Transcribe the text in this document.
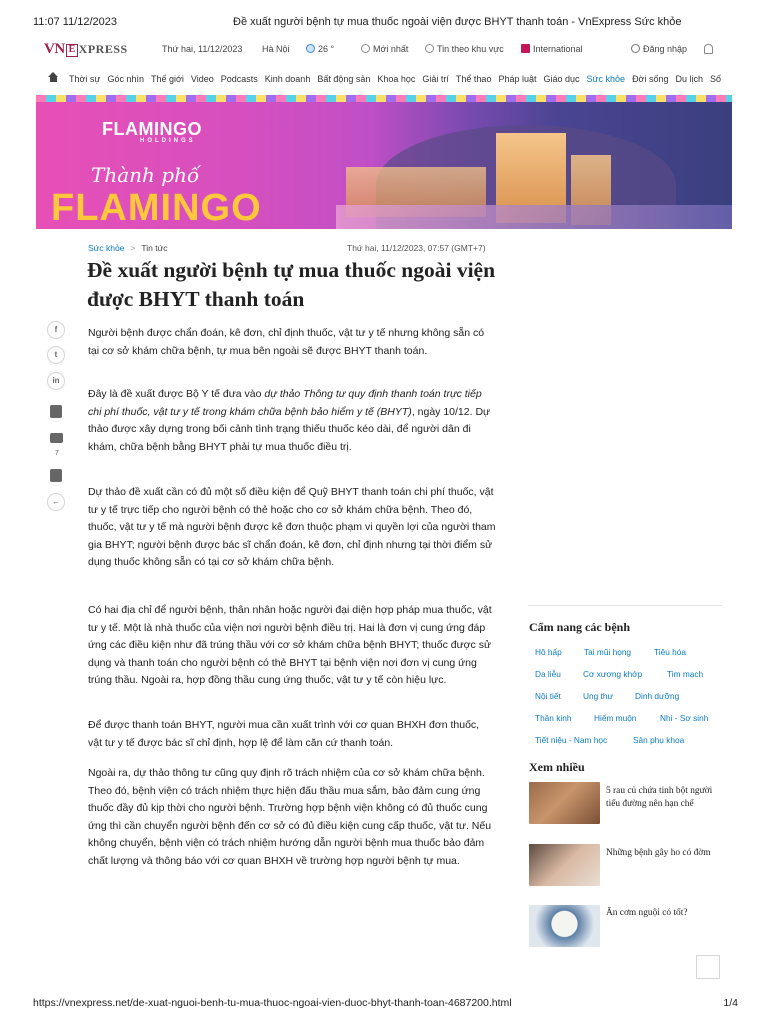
11:07 11/12/2023	Đề xuất người bệnh tự mua thuốc ngoài viện được BHYT thanh toán - VnExpress Sức khỏe
VN E XPRESS	Thứ hai, 11/12/2023 Hà Nội	26 °	Mới nhất	Tin theo khu vực	International	Đăng nhập
Thời sự Góc nhìn Thế giới Video Podcasts Kinh doanh Bất động sản Khoa học Giải trí Thể thao Pháp luật Giáo dục Sức khỏe Đời sống Du lịch Số
FLAMINGO
HOLDINGS
Thành phố
FLAMINGO
Sức khỏe > Tin tức	Thứ hai, 11/12/2023, 07:57 (GMT+7)
Đề xuất người bệnh tự mua thuốc ngoài viện được BHYT thanh toán

Người bệnh được chẩn đoán, kê đơn, chỉ định thuốc, vật tư y tế nhưng không sẵn có tại cơ sở khám chữa bệnh, tự mua bên ngoài sẽ được BHYT thanh toán.

Đây là đề xuất được Bộ Y tế đưa vào dự thảo Thông tư quy định thanh toán trực tiếp chi phí thuốc, vật tư y tế trong khám chữa bệnh bảo hiểm y tế (BHYT), ngày 10/12. Dự thảo được xây dựng trong bối cảnh tình trạng thiếu thuốc kéo dài, để người dân đi khám, chữa bệnh bằng BHYT phải tự mua thuốc điều trị.

Dự thảo đề xuất cần có đủ một số điều kiện để Quỹ BHYT thanh toán chi phí thuốc, vật tư y tế trực tiếp cho người bệnh có thẻ hoặc cho cơ sở khám chữa bệnh. Theo đó, thuốc, vật tư y tế mà người bệnh được kê đơn thuộc phạm vi quyền lợi của người tham gia BHYT; người bệnh được bác sĩ chẩn đoán, kê đơn, chỉ định nhưng tại thời điểm sử dụng thuốc không sẵn có tại cơ sở khám chữa bệnh.

Có hai địa chỉ để người bệnh, thân nhân hoặc người đại diện hợp pháp mua thuốc, vật tư y tế. Một là nhà thuốc của viện nơi người bệnh điều trị. Hai là đơn vị cung ứng đáp ứng các điều kiện như đã trúng thầu với cơ sở khám chữa bệnh BHYT; thuốc được sử dụng và thanh toán cho người bệnh có thẻ BHYT tại bệnh viện nơi đơn vị cung ứng trúng thầu. Ngoài ra, hợp đồng thầu cung ứng thuốc, vật tư y tế còn hiệu lực.

Để được thanh toán BHYT, người mua cần xuất trình với cơ quan BHXH đơn thuốc, vật tư y tế được bác sĩ chỉ định, hợp lệ để làm căn cứ thanh toán.

Ngoài ra, dự thảo thông tư cũng quy định rõ trách nhiệm của cơ sở khám chữa bệnh. Theo đó, bệnh viện có trách nhiệm thực hiện đấu thầu mua sắm, bảo đảm cung ứng thuốc đầy đủ kịp thời cho người bệnh. Trường hợp bệnh viện không có đủ thuốc cung ứng thì cần chuyển người bệnh đến cơ sở có đủ điều kiện cung cấp thuốc, vật tư. Nếu không chuyển, bệnh viện có trách nhiệm hướng dẫn người bệnh mua thuốc bảo đảm chất lượng và thông báo với cơ quan BHXH về trường hợp người bệnh tự mua.

f
t
in
7
←
Cẩm nang các bệnh
Hô hấp	Tai mũi họng	Tiêu hóa
Da liễu	Cơ xương khớp	Tim mạch
Nội tiết	Ung thư	Dinh dưỡng
Thần kinh	Hiếm muộn	Nhi - Sơ sinh
Tiết niệu - Nam học	Sản phụ khoa
Xem nhiều
5 rau củ chứa tinh bột người tiểu đường nên hạn chế
Những bệnh gây ho có đờm
Ăn cơm nguội có tốt?
https://vnexpress.net/de-xuat-nguoi-benh-tu-mua-thuoc-ngoai-vien-duoc-bhyt-thanh-toan-4687200.html	1/4
